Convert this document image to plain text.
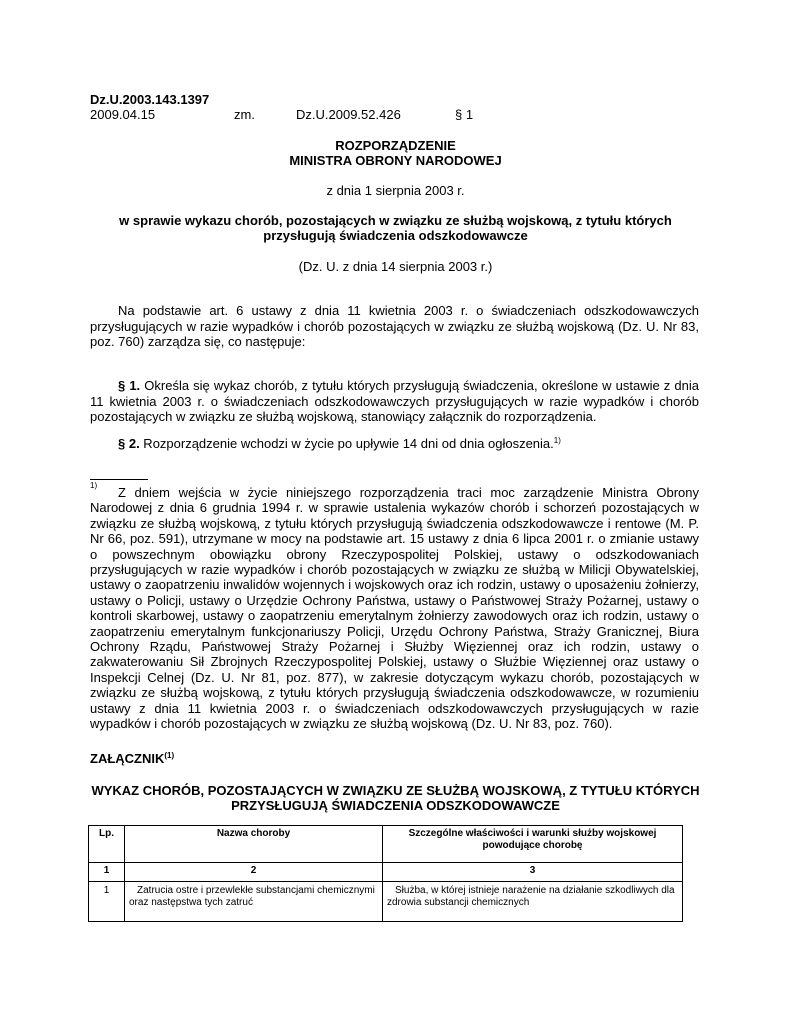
Dz.U.2003.143.1397
2009.04.15	zm.	Dz.U.2009.52.426	§ 1
ROZPORZĄDZENIE
MINISTRA OBRONY NARODOWEJ
z dnia 1 sierpnia 2003 r.
w sprawie wykazu chorób, pozostających w związku ze służbą wojskową, z tytułu których
przysługują świadczenia odszkodowawcze
(Dz. U. z dnia 14 sierpnia 2003 r.)

Na podstawie art. 6 ustawy z dnia 11 kwietnia 2003 r. o świadczeniach odszkodowawczych przysługujących w razie wypadków i chorób pozostających w związku ze służbą wojskową (Dz. U. Nr 83, poz. 760) zarządza się, co następuje:

§ 1. Określa się wykaz chorób, z tytułu których przysługują świadczenia, określone w ustawie z dnia 11 kwietnia 2003 r. o świadczeniach odszkodowawczych przysługujących w razie wypadków i chorób pozostających w związku ze służbą wojskową, stanowiący załącznik do rozporządzenia.

§ 2. Rozporządzenie wchodzi w życie po upływie 14 dni od dnia ogłoszenia.$^{1)}$

1)	Z dniem wejścia w życie niniejszego rozporządzenia traci moc zarządzenie Ministra Obrony Narodowej z dnia 6 grudnia 1994 r. w sprawie ustalenia wykazów chorób i schorzeń pozostających w związku ze służbą wojskową, z tytułu których przysługują świadczenia odszkodowawcze i rentowe (M. P. Nr 66, poz. 591), utrzymane w mocy na podstawie art. 15 ustawy z dnia 6 lipca 2001 r. o zmianie ustawy o powszechnym obowiązku obrony Rzeczypospolitej Polskiej, ustawy o odszkodowaniach przysługujących w razie wypadków i chorób pozostających w związku ze służbą w Milicji Obywatelskiej, ustawy o zaopatrzeniu inwalidów wojennych i wojskowych oraz ich rodzin, ustawy o uposażeniu żołnierzy, ustawy o Policji, ustawy o Urzędzie Ochrony Państwa, ustawy o Państwowej Straży Pożarnej, ustawy o kontroli skarbowej, ustawy o zaopatrzeniu emerytalnym żołnierzy zawodowych oraz ich rodzin, ustawy o zaopatrzeniu emerytalnym funkcjonariuszy Policji, Urzędu Ochrony Państwa, Straży Granicznej, Biura Ochrony Rządu, Państwowej Straży Pożarnej i Służby Więziennej oraz ich rodzin, ustawy o zakwaterowaniu Sił Zbrojnych Rzeczypospolitej Polskiej, ustawy o Służbie Więziennej oraz ustawy o Inspekcji Celnej (Dz. U. Nr 81, poz. 877), w zakresie dotyczącym wykazu chorób, pozostających w związku ze służbą wojskową, z tytułu których przysługują świadczenia odszkodowawcze, w rozumieniu ustawy z dnia 11 kwietnia 2003 r. o świadczeniach odszkodowawczych przysługujących w razie wypadków i chorób pozostających w związku ze służbą wojskową (Dz. U. Nr 83, poz. 760).
ZAŁĄCZNIK$^{(1)}$
WYKAZ CHORÓB, POZOSTAJĄCYCH W ZWIĄZKU ZE SŁUŻBĄ WOJSKOWĄ, Z TYTUŁU KTÓRYCH
PRZYSŁUGUJĄ ŚWIADCZENIA ODSZKODOWAWCZE
Lp.	Nazwa choroby	Szczególne właściwości i warunki służby wojskowej powodujące chorobę
1	2	3
1	Zatrucia ostre i przewlekłe substancjami chemicznymi oraz następstwa tych zatruć	Służba, w której istnieje narażenie na działanie szkodliwych dla zdrowia substancji chemicznych
